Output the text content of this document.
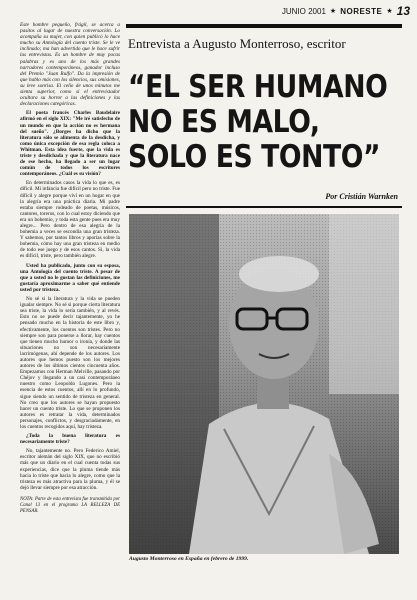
JUNIO 2001 ★ NORESTE ★ 13

Este hombre pequeño, frágil, se acerca a pasitos al lugar de nuestra conversación. Lo acompaña su mujer, con quien publicó lo hace mucho su Antología del cuento triste. Se le ve inclinado; ma han advertido que le hace sufrir las entrevistas. Es un hombre de muy pocas palabras y es uno de los más grandes narradores contemporáneos, ganador incluso del Premio "Juan Rulfo". Da la impresión de que hablo más con los silencios, sus omisiones, su leve sonrisa. El ceño de unos minutos me sienta superior, como si el entrevistador ocultara su horror a las definiciones y las declaraciones categóricas.

El poeta francés Charles Baudelaire afirmó en el siglo XIX: "Me iré satisfecho de un mundo en que la acción no es hermana del sueño". ¿Borges ha dicho que la literatura sólo se alimenta de la desdicha, y como única excepción de esa regla coloca a Whitman. Esta idea fuerte, que la vida es triste y desdichada y que la literatura nace de ese hecho, ha llegado a ser un lugar común de todos los escritores contemporáneos. ¿Cuál es su visión?

En determinados casos la vida lo que es, es difícil. Mi infancia fue difícil pero no triste. Fue difícil y alegre porque viví en un hogar en que la alegría era una práctica diaria. Mi padre estaba siempre rodeado de poetas, músicos, cantores, toreros, con lo cual estoy diciendo que era un bohemio, y toda esta gente pues era muy alegre... Pero dentro de esa alegría de la bohemia a veces se escondía una gran tristeza. Y sabemos, por tantos libros y aporías sobre la bohemia, cómo hay una gran tristeza en medio de todo ese juego y de esos cantos. Si, la vida es difícil, triste, pero también alegre.

Usted ha publicado, junto con su esposa, una Antología del cuento triste. A pesar de que a usted no le gustan las definiciones, me gustaría aproximarme a saber qué entiende usted por tristeza.

No sé si la literatura y la vida se pueden igualar siempre. No sé si porque cierta literatura sea triste, la vida lo sería también, y al revés. Esto no se puede decir tajantemente, yo he pensado mucho en la historia de este libro y, efectivamente, los cuentos son tristes. Pero no siempre son para ponerse a llorar, hay cuentos que tienen mucho humor o ironía, y donde las situaciones no son necesariamente lacrimógenas, ahí depende de los autores. Los autores que hemos puesto son los mejores autores de los últimos cientos cincuenta años. Empezamos con Herman Melville, pasando por Chéjov y llegando a un casi contemporáneo nuestro como Leopoldo Lugones. Pero la esencia de estos cuentos, allí en lo profundo, sigue siendo un sentido de tristeza en general. No creo que los autores se hayan propuesto hacer un cuento triste. Lo que se proponen los autores es retratar la vida, determinados personajes, conflictos, y desgraciadamente, en los cuentos recogidos aquí, hay tristeza.

¿Toda la buena literatura es necesariamente triste?

No, tajantemente no. Pero Federico Amiel, escritor alemán del siglo XIX, que no escribió más que un diario en el cual cuenta todas sus experiencias, dice que la pluma tiende más hacia lo triste que hacia lo alegre, como que la tristeza es más atractiva para la pluma, y él se dejó llevar siempre por esa atracción.

NOTA: Parte de esta entrevista fue transmitida por Canal 13 en el programa LA BELLEZA DE PENSAR.

Entrevista a Augusto Monterroso, escritor
“EL SER HUMANO
NO ES MALO,
SOLO ES TONTO”
Por Cristián Warnken
Augusto Monterroso en España en febrero de 1999.
